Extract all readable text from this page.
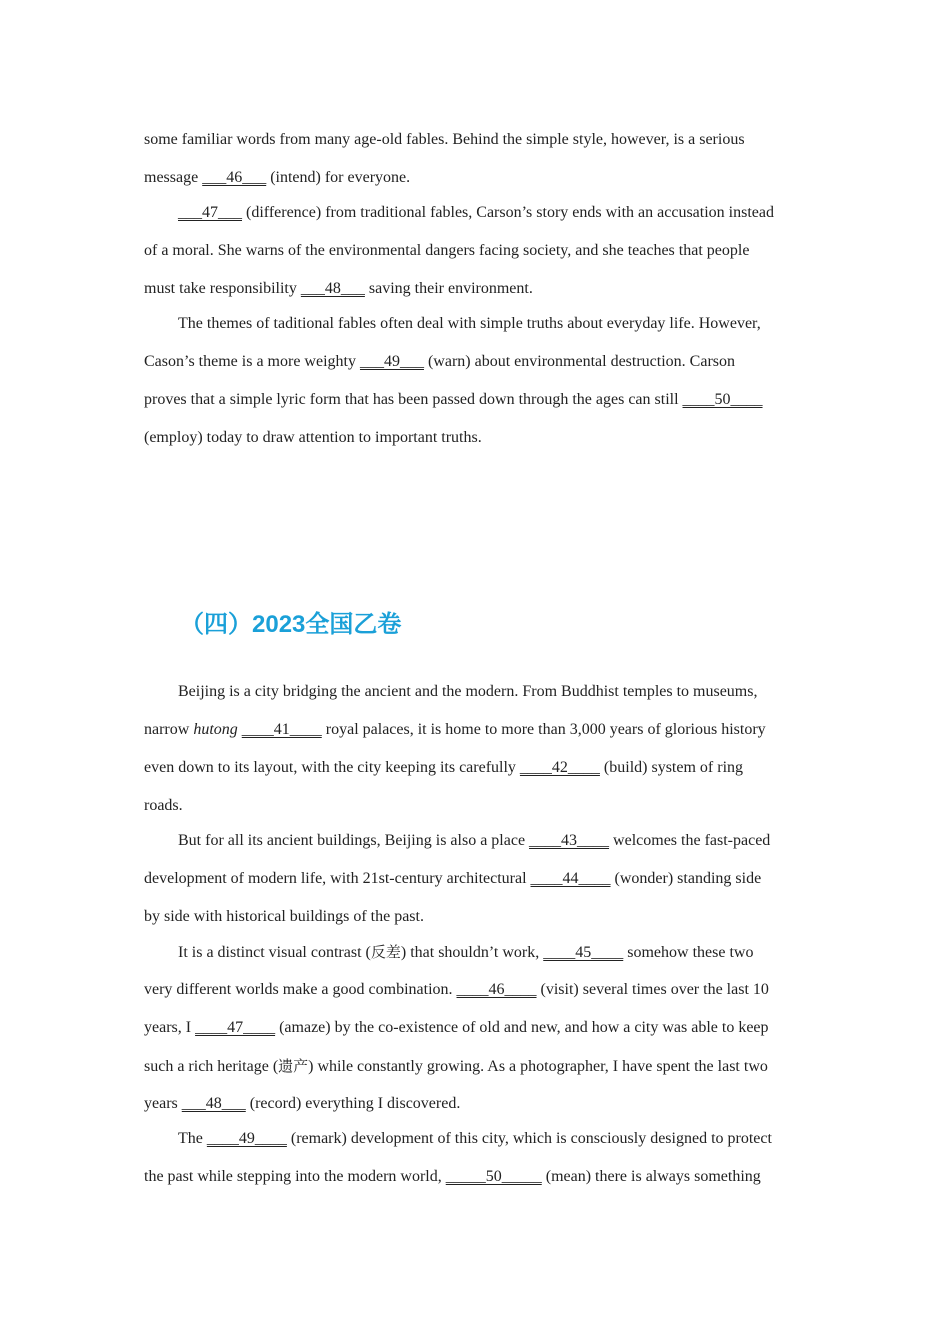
some familiar words from many age-old fables. Behind the simple style, however, is a serious
message ___46___ (intend) for everyone.
___47___ (difference) from traditional fables, Carson’s story ends with an accusation instead
of a moral. She warns of the environmental dangers facing society, and she teaches that people
must take responsibility ___48___ saving their environment.
The themes of taditional fables often deal with simple truths about everyday life. However,
Cason’s theme is a more weighty ___49___ (warn) about environmental destruction. Carson
proves that a simple lyric form that has been passed down through the ages can still ____50____
(employ) today to draw attention to important truths.
（四）2023全国乙卷
Beijing is a city bridging the ancient and the modern. From Buddhist temples to museums,
narrow hutong ____41____ royal palaces, it is home to more than 3,000 years of glorious history
even down to its layout, with the city keeping its carefully ____42____ (build) system of ring
roads.
But for all its ancient buildings, Beijing is also a place ____43____ welcomes the fast-paced
development of modern life, with 21st-century architectural ____44____ (wonder) standing side
by side with historical buildings of the past.
It is a distinct visual contrast (反差) that shouldn’t work, ____45____ somehow these two
very different worlds make a good combination. ____46____ (visit) several times over the last 10
years, I ____47____ (amaze) by the co-existence of old and new, and how a city was able to keep
such a rich heritage (遗产) while constantly growing. As a photographer, I have spent the last two
years ___48___ (record) everything I discovered.
The ____49____ (remark) development of this city, which is consciously designed to protect
the past while stepping into the modern world, _____50_____ (mean) there is always something
